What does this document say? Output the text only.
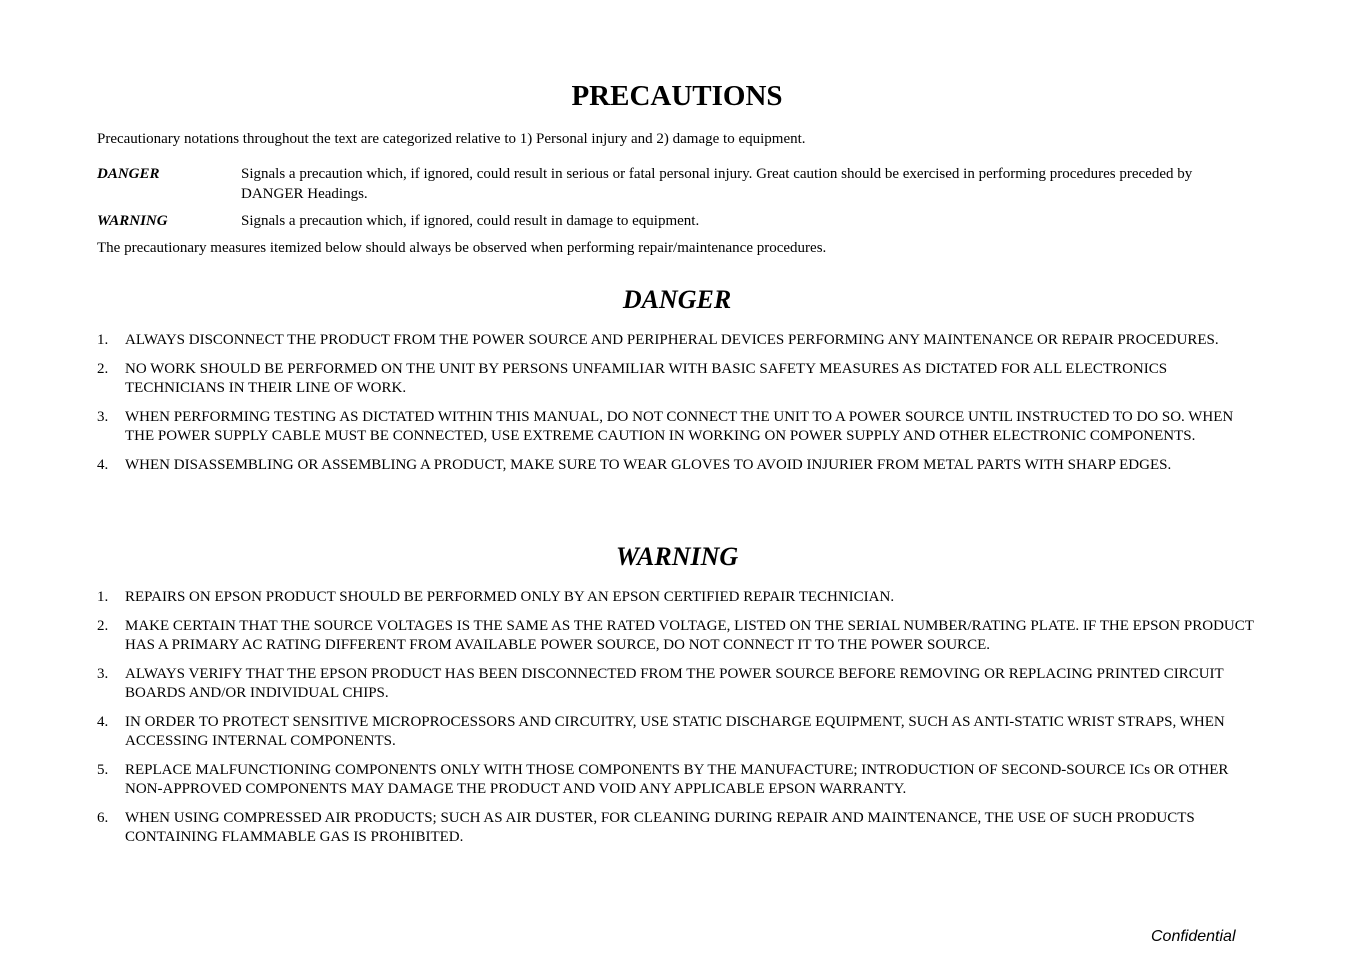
PRECAUTIONS

Precautionary notations throughout the text are categorized relative to 1) Personal injury and 2) damage to equipment.

DANGER	Signals a precaution which, if ignored, could result in serious or fatal personal injury. Great caution should be exercised in performing procedures preceded by DANGER Headings.
WARNING	Signals a precaution which, if ignored, could result in damage to equipment.

The precautionary measures itemized below should always be observed when performing repair/maintenance procedures.

DANGER
1. ALWAYS DISCONNECT THE PRODUCT FROM THE POWER SOURCE AND PERIPHERAL DEVICES PERFORMING ANY MAINTENANCE OR REPAIR PROCEDURES.
2. NO WORK SHOULD BE PERFORMED ON THE UNIT BY PERSONS UNFAMILIAR WITH BASIC SAFETY MEASURES AS DICTATED FOR ALL ELECTRONICS TECHNICIANS IN THEIR LINE OF WORK.
3. WHEN PERFORMING TESTING AS DICTATED WITHIN THIS MANUAL, DO NOT CONNECT THE UNIT TO A POWER SOURCE UNTIL INSTRUCTED TO DO SO. WHEN THE POWER SUPPLY CABLE MUST BE CONNECTED, USE EXTREME CAUTION IN WORKING ON POWER SUPPLY AND OTHER ELECTRONIC COMPONENTS.
4. WHEN DISASSEMBLING OR ASSEMBLING A PRODUCT, MAKE SURE TO WEAR GLOVES TO AVOID INJURIER FROM METAL PARTS WITH SHARP EDGES.
WARNING
1. REPAIRS ON EPSON PRODUCT SHOULD BE PERFORMED ONLY BY AN EPSON CERTIFIED REPAIR TECHNICIAN.
2. MAKE CERTAIN THAT THE SOURCE VOLTAGES IS THE SAME AS THE RATED VOLTAGE, LISTED ON THE SERIAL NUMBER/RATING PLATE. IF THE EPSON PRODUCT HAS A PRIMARY AC RATING DIFFERENT FROM AVAILABLE POWER SOURCE, DO NOT CONNECT IT TO THE POWER SOURCE.
3. ALWAYS VERIFY THAT THE EPSON PRODUCT HAS BEEN DISCONNECTED FROM THE POWER SOURCE BEFORE REMOVING OR REPLACING PRINTED CIRCUIT BOARDS AND/OR INDIVIDUAL CHIPS.
4. IN ORDER TO PROTECT SENSITIVE MICROPROCESSORS AND CIRCUITRY, USE STATIC DISCHARGE EQUIPMENT, SUCH AS ANTI-STATIC WRIST STRAPS, WHEN ACCESSING INTERNAL COMPONENTS.
5. REPLACE MALFUNCTIONING COMPONENTS ONLY WITH THOSE COMPONENTS BY THE MANUFACTURE; INTRODUCTION OF SECOND-SOURCE ICs OR OTHER NON-APPROVED COMPONENTS MAY DAMAGE THE PRODUCT AND VOID ANY APPLICABLE EPSON WARRANTY.
6. WHEN USING COMPRESSED AIR PRODUCTS; SUCH AS AIR DUSTER, FOR CLEANING DURING REPAIR AND MAINTENANCE, THE USE OF SUCH PRODUCTS CONTAINING FLAMMABLE GAS IS PROHIBITED.
Confidential
